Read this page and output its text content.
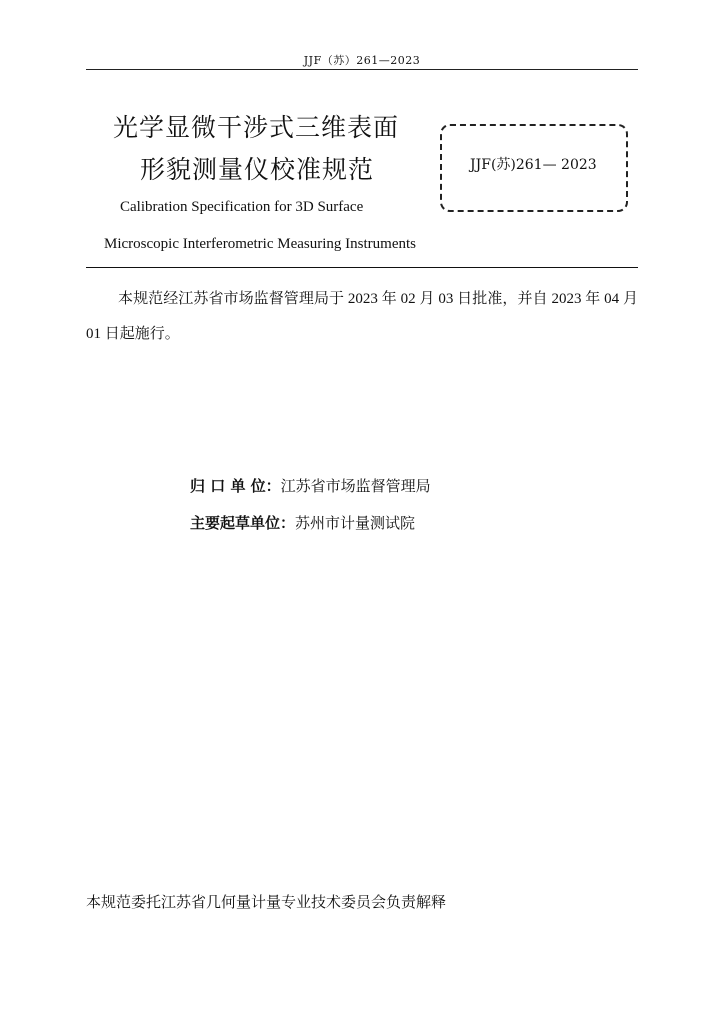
JJF（苏）261—2023
光学显微干涉式三维表面
形貌测量仪校准规范	JJF(苏)261— 2023
Calibration Specification for 3D Surface
Microscopic Interferometric Measuring Instruments
本规范经江苏省市场监督管理局于 2023 年 02 月 03 日批准，并自 2023 年 04 月 01 日起施行。
归 口 单 位：江苏省市场监督管理局
主要起草单位：苏州市计量测试院
本规范委托江苏省几何量计量专业技术委员会负责解释
